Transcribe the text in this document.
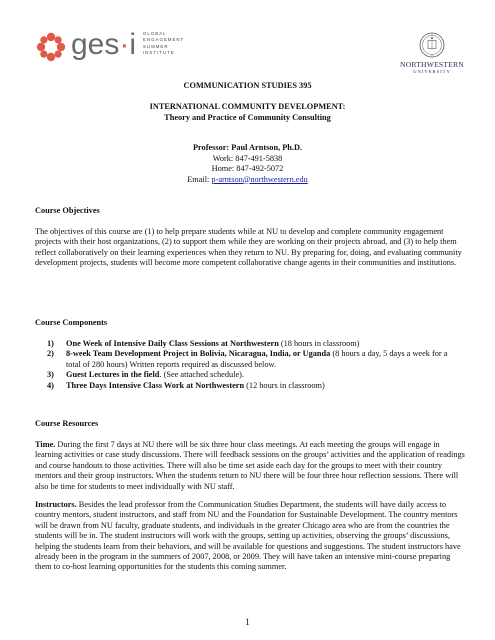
ges·i GLOBAL
ENGAGEMENT
SUMMER
INSTITUTE
NORTHWESTERN
UNIVERSITY
COMMUNICATION STUDIES 395
INTERNATIONAL COMMUNITY DEVELOPMENT:
Theory and Practice of Community Consulting
Professor: Paul Arntson, Ph.D.
Work: 847-491-5838
Home: 847-492-5072
Email: p-arntson@northwestern.edu
Course Objectives
The objectives of this course are (1) to help prepare students while at NU to develop and complete community engagement projects with their host organizations, (2) to support them while they are working on their projects abroad, and (3) to help them reflect collaboratively on their learning experiences when they return to NU. By preparing for, doing, and evaluating community development projects, students will become more competent collaborative change agents in their communities and institutions.
Course Components
1) One Week of Intensive Daily Class Sessions at Northwestern (18 hours in classroom)
2) 8-week Team Development Project in Bolivia, Nicaragua, India, or Uganda (8 hours a day, 5 days a week for a total of 280 hours) Written reports required as discussed below.
3) Guest Lectures in the field. (See attached schedule).
4) Three Days Intensive Class Work at Northwestern (12 hours in classroom)
Course Resources
Time. During the first 7 days at NU there will be six three hour class meetings. At each meeting the groups will engage in learning activities or case study discussions. There will feedback sessions on the groups’ activities and the application of readings and course handouts to those activities. There will also be time set aside each day for the groups to meet with their country mentors and their group instructors. When the students return to NU there will be four three hour reflection sessions. There will also be time for students to meet individually with NU staff.
Instructors. Besides the lead professor from the Communication Studies Department, the students will have daily access to country mentors, student instructors, and staff from NU and the Foundation for Sustainable Development. The country mentors will be drawn from NU faculty, graduate students, and individuals in the greater Chicago area who are from the countries the students will be in. The student instructors will work with the groups, setting up activities, observing the groups’ discussions, helping the students learn from their behaviors, and will be available for questions and suggestions. The student instructors have already been in the program in the summers of 2007, 2008, or 2009. They will have taken an intensive mini-course preparing them to co-host learning opportunities for the students this coming summer.
1
